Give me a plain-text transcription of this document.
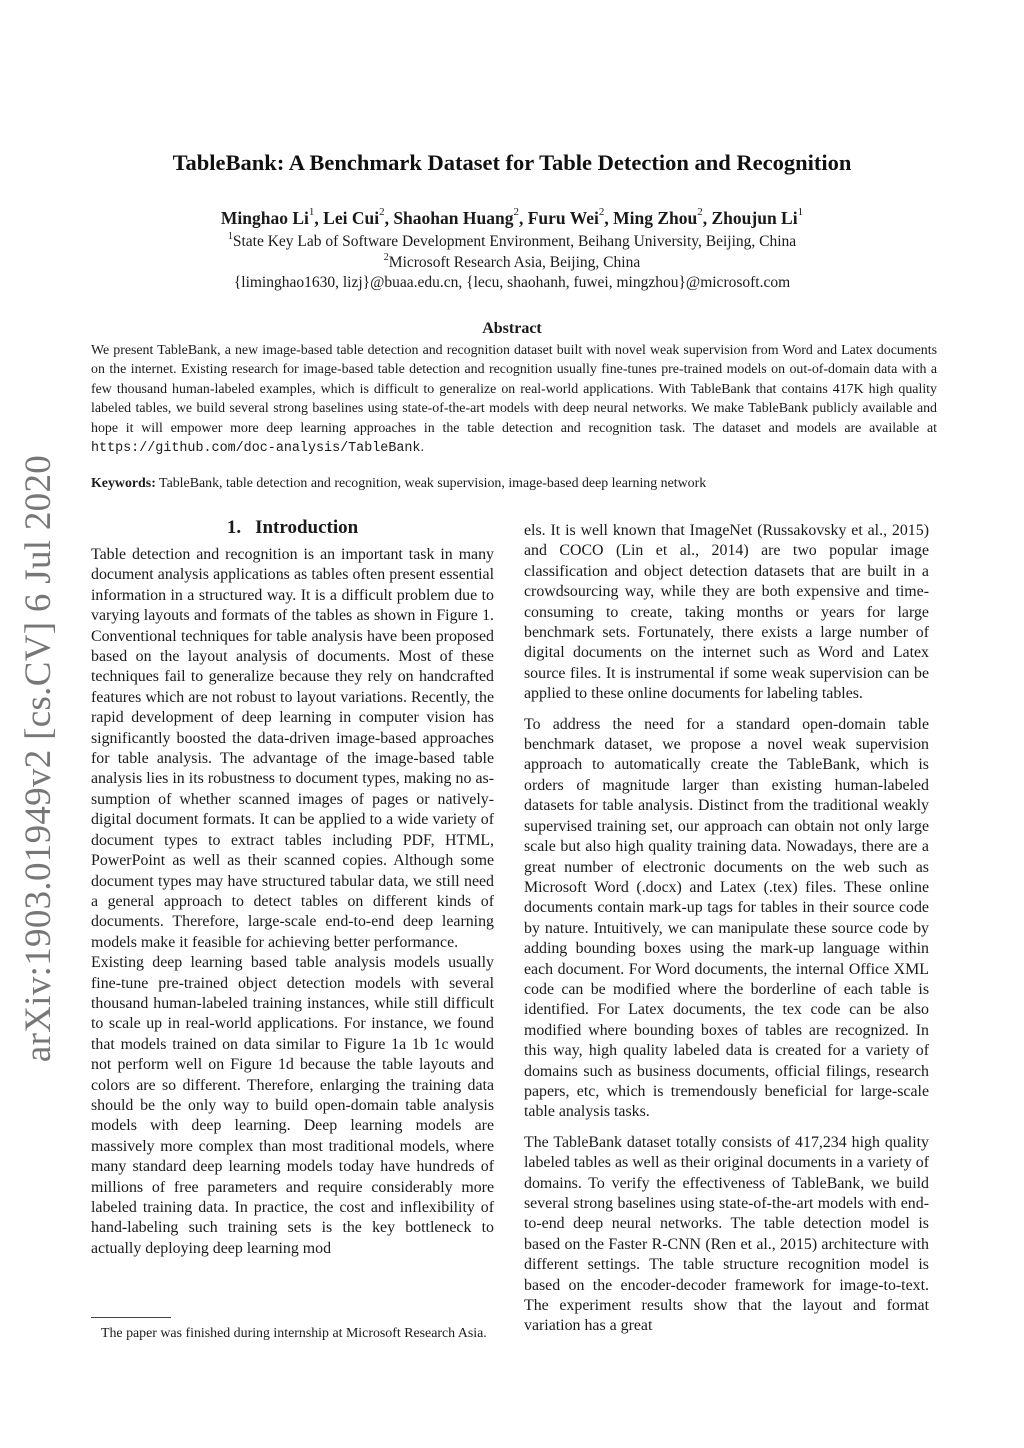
arXiv:1903.01949v2 [cs.CV] 6 Jul 2020
TableBank: A Benchmark Dataset for Table Detection and Recognition
Minghao Li$^1$, Lei Cui$^2$, Shaohan Huang$^2$, Furu Wei$^2$, Ming Zhou$^2$, Zhoujun Li$^1$
$^1$State Key Lab of Software Development Environment, Beihang University, Beijing, China
$^2$Microsoft Research Asia, Beijing, China
{liminghao1630, lizj}@buaa.edu.cn, {lecu, shaohanh, fuwei, mingzhou}@microsoft.com
Abstract

We present TableBank, a new image-based table detection and recognition dataset built with novel weak supervision from Word and Latex documents on the internet. Existing research for image-based table detection and recognition usually fine-tunes pre-trained models on out-of-domain data with a few thousand human-labeled examples, which is difficult to generalize on real-world applications. With TableBank that contains 417K high quality labeled tables, we build several strong baselines using state-of-the-art models with deep neural networks. We make TableBank publicly available and hope it will empower more deep learning approaches in the table detection and recognition task. The dataset and models are available at https://github.com/doc-analysis/TableBank.

Keywords: TableBank, table detection and recognition, weak supervision, image-based deep learning network
1. Introduction

Table detection and recognition is an important task in many document analysis applications as tables often present essential information in a structured way. It is a difficult problem due to varying layouts and formats of the tables as shown in Figure 1. Conventional techniques for table analysis have been proposed based on the layout analysis of documents. Most of these techniques fail to generalize because they rely on handcrafted features which are not robust to layout variations. Recently, the rapid development of deep learning in computer vision has significantly boosted the data-driven image-based approaches for table analysis. The advantage of the image-based table analysis lies in its robustness to document types, making no assumption of whether scanned images of pages or natively-digital document formats. It can be applied to a wide variety of document types to extract tables including PDF, HTML, PowerPoint as well as their scanned copies. Although some document types may have structured tabular data, we still need a general approach to detect tables on different kinds of documents. Therefore, large-scale end-to-end deep learning models make it feasible for achieving better performance.

Existing deep learning based table analysis models usually fine-tune pre-trained object detection models with several thousand human-labeled training instances, while still difficult to scale up in real-world applications. For instance, we found that models trained on data similar to Figure 1a 1b 1c would not perform well on Figure 1d because the table layouts and colors are so different. Therefore, enlarging the training data should be the only way to build open-domain table analysis models with deep learning. Deep learning models are massively more complex than most traditional models, where many standard deep learning models today have hundreds of millions of free parameters and require considerably more labeled training data. In practice, the cost and inflexibility of hand-labeling such training sets is the key bottleneck to actually deploying deep learning mod

The paper was finished during internship at Microsoft Research Asia.

els. It is well known that ImageNet (Russakovsky et al., 2015) and COCO (Lin et al., 2014) are two popular image classification and object detection datasets that are built in a crowdsourcing way, while they are both expensive and time-consuming to create, taking months or years for large benchmark sets. Fortunately, there exists a large number of digital documents on the internet such as Word and Latex source files. It is instrumental if some weak supervision can be applied to these online documents for labeling tables.

To address the need for a standard open-domain table benchmark dataset, we propose a novel weak supervision approach to automatically create the TableBank, which is orders of magnitude larger than existing human-labeled datasets for table analysis. Distinct from the traditional weakly supervised training set, our approach can obtain not only large scale but also high quality training data. Nowadays, there are a great number of electronic documents on the web such as Microsoft Word (.docx) and Latex (.tex) files. These online documents contain mark-up tags for tables in their source code by nature. Intuitively, we can manipulate these source code by adding bounding boxes using the mark-up language within each document. For Word documents, the internal Office XML code can be modified where the borderline of each table is identified. For Latex documents, the tex code can be also modified where bounding boxes of tables are recognized. In this way, high quality labeled data is created for a variety of domains such as business documents, official filings, research papers, etc, which is tremendously beneficial for large-scale table analysis tasks.

The TableBank dataset totally consists of 417,234 high quality labeled tables as well as their original documents in a variety of domains. To verify the effectiveness of TableBank, we build several strong baselines using state-of-the-art models with end-to-end deep neural networks. The table detection model is based on the Faster R-CNN (Ren et al., 2015) architecture with different settings. The table structure recognition model is based on the encoder-decoder framework for image-to-text. The experiment results show that the layout and format variation has a great
